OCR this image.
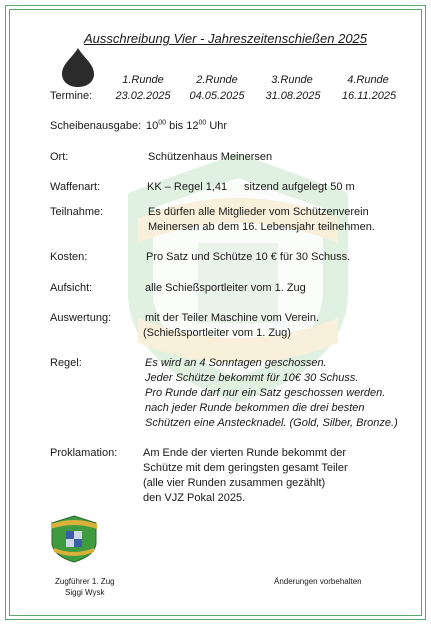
Ausschreibung Vier - Jahreszeitenschießen 2025
1.Runde	2.Runde	3.Runde	4.Runde
Termine:	23.02.2025	04.05.2025	31.08.2025	16.11.2025
Scheibenausgabe: $10^{00}$ bis $12^{00}$ Uhr
Ort:	Schützenhaus Meinersen
Waffenart:	KK – Regel 1,41 sitzend aufgelegt 50 m
Teilnahme:	Es dürfen alle Mitglieder vom Schützenverein
Meinersen ab dem 16. Lebensjahr teilnehmen.
Kosten:	Pro Satz und Schütze 10 € für 30 Schuss.
Aufsicht:	alle Schießsportleiter vom 1. Zug
Auswertung:	mit der Teiler Maschine vom Verein.
(Schießsportleiter vom 1. Zug)
Regel:	Es wird an 4 Sonntagen geschossen.
Jeder Schütze bekommt für 10€ 30 Schuss.
Pro Runde darf nur ein Satz geschossen werden.
nach jeder Runde bekommen die drei besten
Schützen eine Anstecknadel. (Gold, Silber, Bronze.)
Proklamation: Am Ende der vierten Runde bekommt der
Schütze mit dem geringsten gesamt Teiler
(alle vier Runden zusammen gezählt)
den VJZ Pokal 2025.
Zugführer 1. Zug
Siggi Wysk
Änderungen vorbehalten
